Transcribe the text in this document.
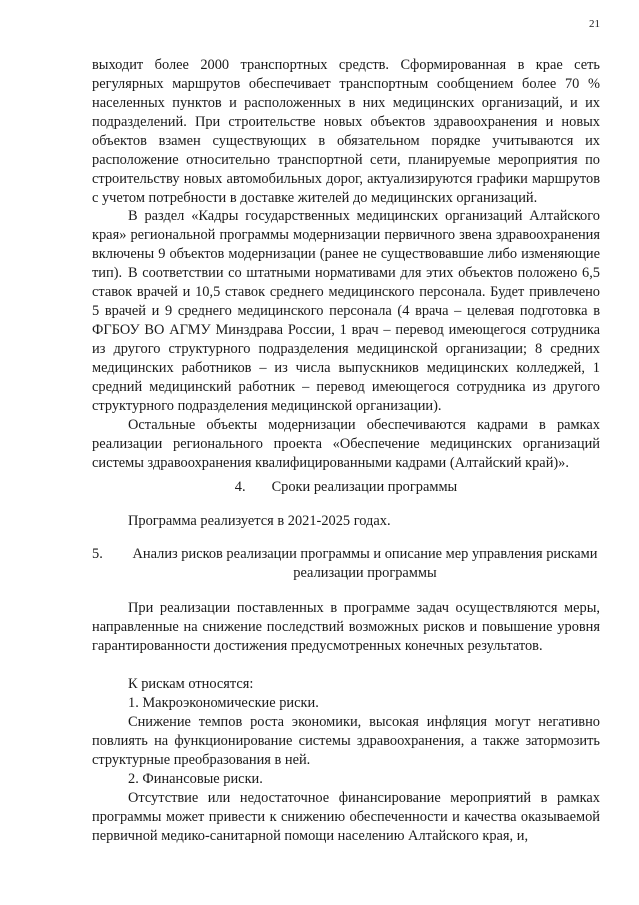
21

выходит более 2000 транспортных средств. Сформированная в крае сеть регулярных маршрутов обеспечивает транспортным сообщением более 70 % населенных пунктов и расположенных в них медицинских организаций, и их подразделений. При строительстве новых объектов здравоохранения и новых объектов взамен существующих в обязательном порядке учитываются их расположение относительно транспортной сети, планируемые мероприятия по строительству новых автомобильных дорог, актуализируются графики маршрутов с учетом потребности в доставке жителей до медицинских организаций.

В раздел «Кадры государственных медицинских организаций Алтайского края» региональной программы модернизации первичного звена здравоохранения включены 9 объектов модернизации (ранее не существовавшие либо изменяющие тип). В соответствии со штатными нормативами для этих объектов положено 6,5 ставок врачей и 10,5 ставок среднего медицинского персонала. Будет привлечено 5 врачей и 9 среднего медицинского персонала (4 врача – целевая подготовка в ФГБОУ ВО АГМУ Минздрава России, 1 врач – перевод имеющегося сотрудника из другого структурного подразделения медицинской организации; 8 средних медицинских работников – из числа выпускников медицинских колледжей, 1 средний медицинский работник – перевод имеющегося сотрудника из другого структурного подразделения медицинской организации).

Остальные объекты модернизации обеспечиваются кадрами в рамках реализации регионального проекта «Обеспечение медицинских организаций системы здравоохранения квалифицированными кадрами (Алтайский край)».

4. Сроки реализации программы

Программа реализуется в 2021-2025 годах.

5.	Анализ рисков реализации программы и описание мер управления рисками реализации программы

При реализации поставленных в программе задач осуществляются меры, направленные на снижение последствий возможных рисков и повышение уровня гарантированности достижения предусмотренных конечных результатов.

К рискам относятся:

1. Макроэкономические риски.

Снижение темпов роста экономики, высокая инфляция могут негативно повлиять на функционирование системы здравоохранения, а также затормозить структурные преобразования в ней.

2. Финансовые риски.

Отсутствие или недостаточное финансирование мероприятий в рамках программы может привести к снижению обеспеченности и качества оказываемой первичной медико-санитарной помощи населению Алтайского края, и,
